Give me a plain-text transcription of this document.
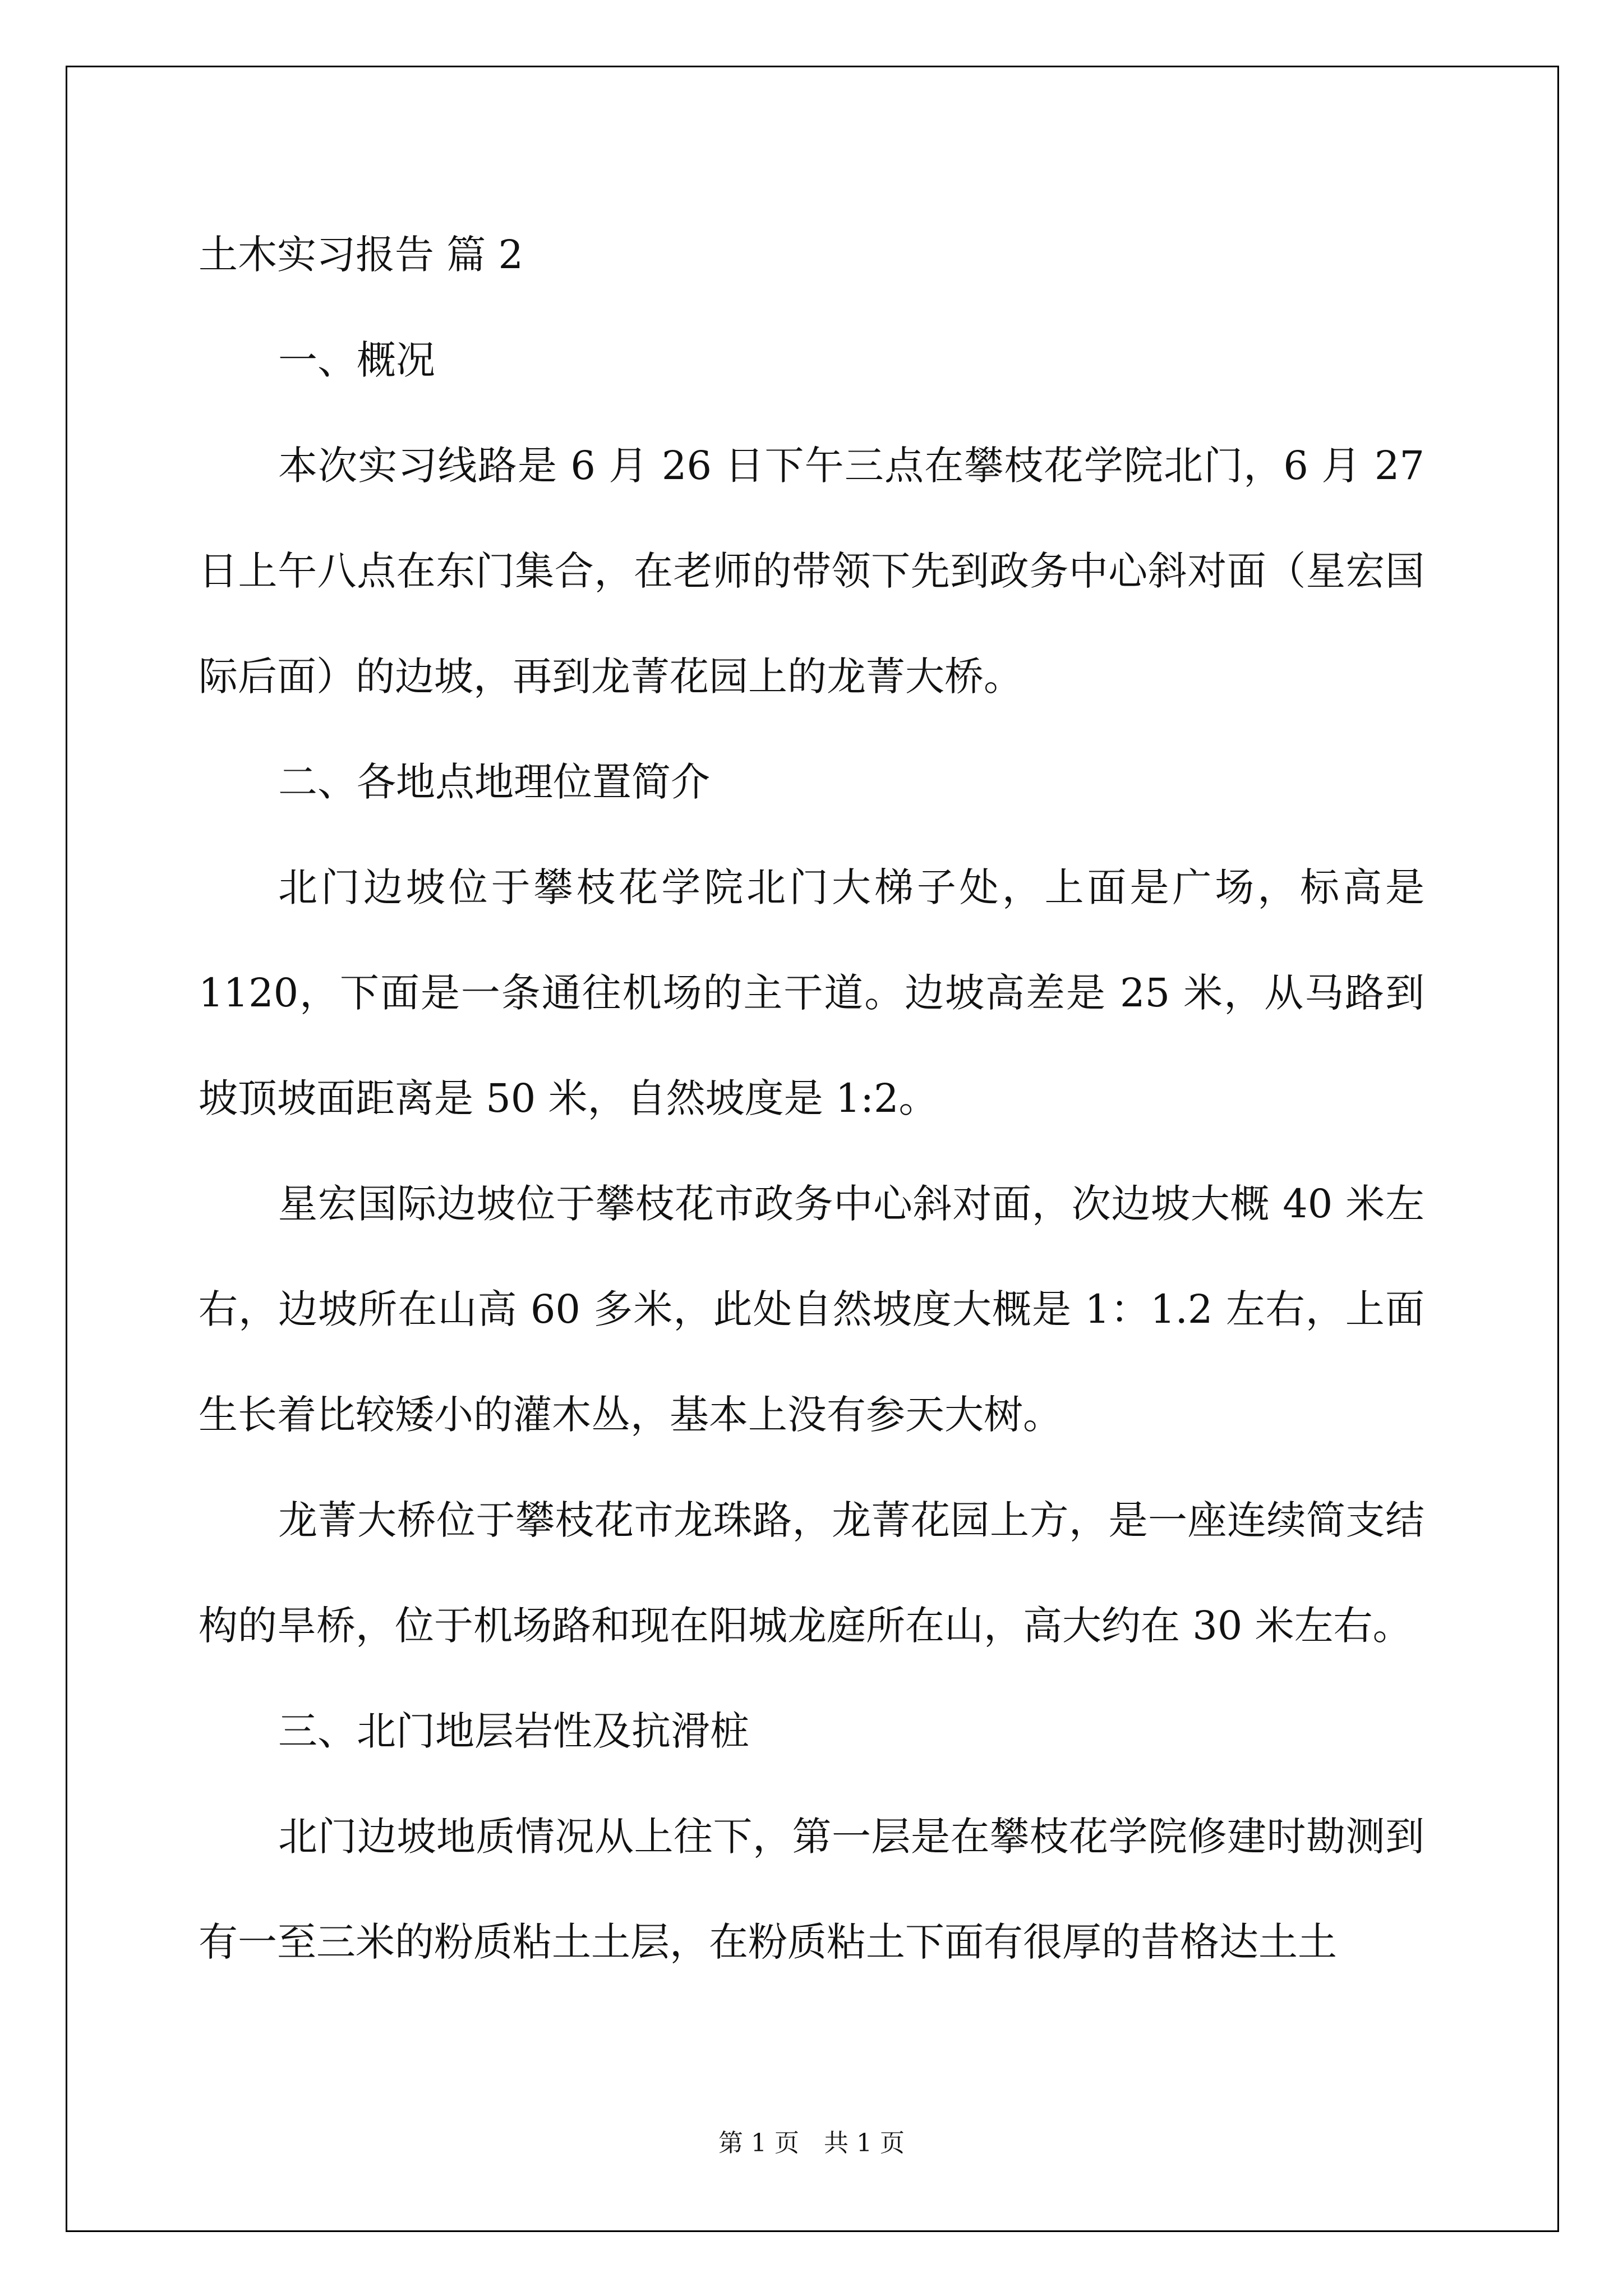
土木实习报告 篇 2

一、概况

本次实习线路是 6 月 26 日下午三点在攀枝花学院北门，6 月 27 日上午八点在东门集合，在老师的带领下先到政务中心斜对面（星宏国际后面）的边坡，再到龙菁花园上的龙菁大桥。

二、各地点地理位置简介

北门边坡位于攀枝花学院北门大梯子处，上面是广场，标高是 1120，下面是一条通往机场的主干道。边坡高差是 25 米，从马路到坡顶坡面距离是 50 米，自然坡度是 1:2。

星宏国际边坡位于攀枝花市政务中心斜对面，次边坡大概 40 米左右，边坡所在山高 60 多米，此处自然坡度大概是 1：1.2 左右，上面生长着比较矮小的灌木丛，基本上没有参天大树。

龙菁大桥位于攀枝花市龙珠路，龙菁花园上方，是一座连续简支结构的旱桥，位于机场路和现在阳城龙庭所在山，高大约在 30 米左右。

三、北门地层岩性及抗滑桩

北门边坡地质情况从上往下，第一层是在攀枝花学院修建时勘测到有一至三米的粉质粘土土层，在粉质粘土下面有很厚的昔格达土土

第 1 页　共 1 页
